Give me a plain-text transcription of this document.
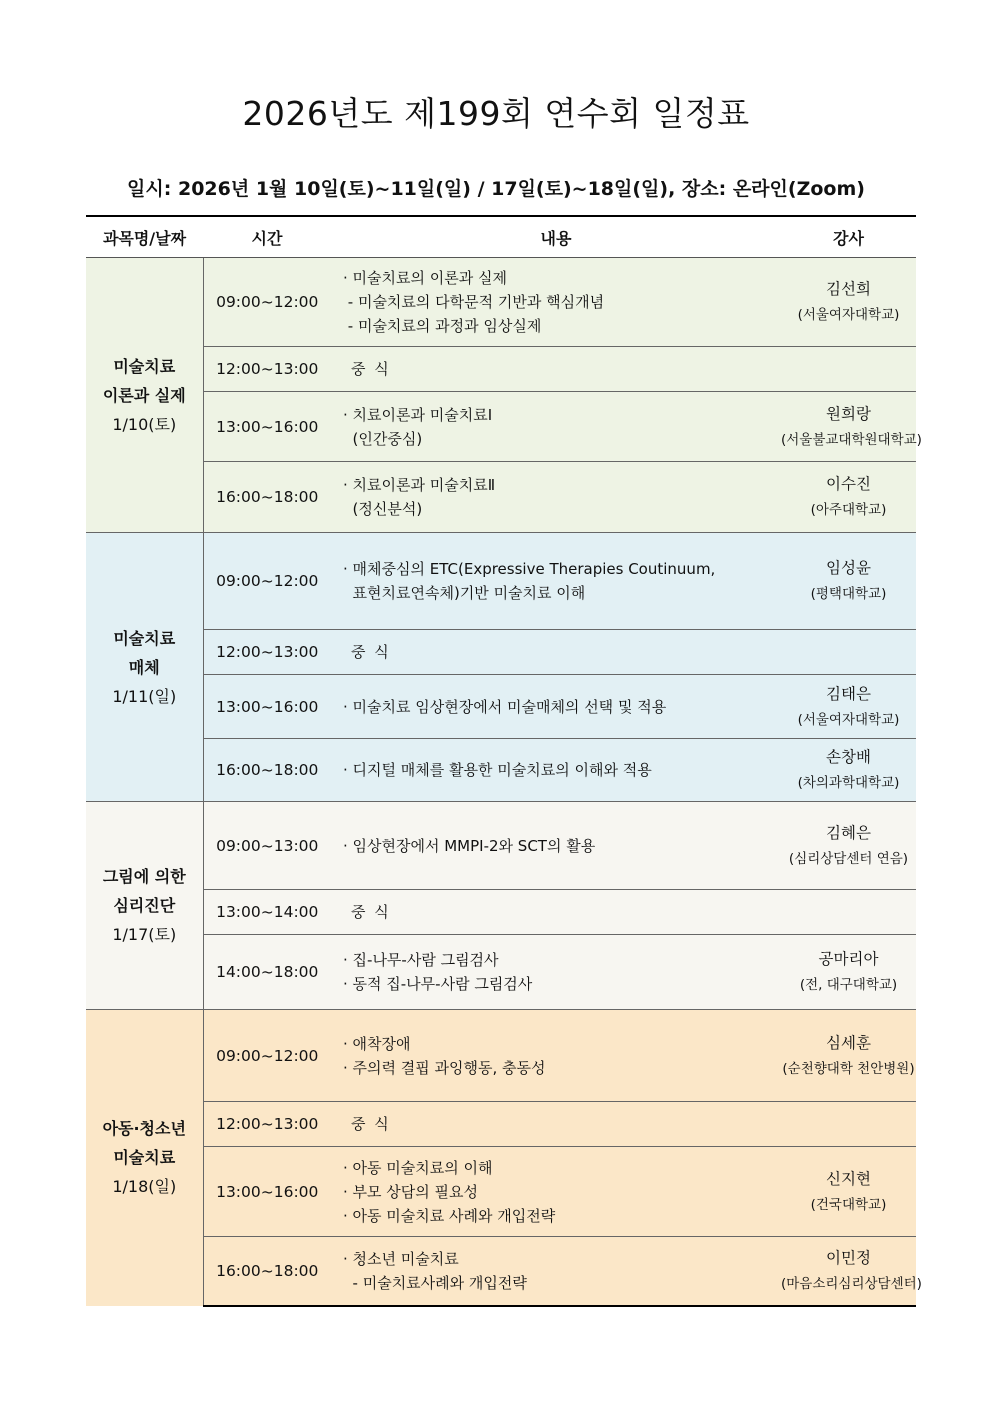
2026년도 제199회 연수회 일정표
일시: 2026년 1월 10일(토)~11일(일) / 17일(토)~18일(일), 장소: 온라인(Zoom)
과목명/날짜	시간	내용	강사

미술치료
이론과 실제
1/10(토)	09:00~12:00	· 미술치료의 이론과 실제
- 미술치료의 다학문적 기반과 핵심개념
- 미술치료의 과정과 임상실제	김선희
(서울여자대학교)

	12:00~13:00	중 식	
	13:00~16:00	· 치료이론과 미술치료Ⅰ
(인간중심)	원희랑
(서울불교대학원대학교)

	16:00~18:00	· 치료이론과 미술치료Ⅱ
(정신분석)	이수진
(아주대학교)

미술치료
매체
1/11(일)	09:00~12:00	· 매체중심의 ETC(Expressive Therapies Coutinuum,
표현치료연속체)기반 미술치료 이해	임성윤
(평택대학교)

	12:00~13:00	중 식	
	13:00~16:00	· 미술치료 임상현장에서 미술매체의 선택 및 적용	김태은
(서울여자대학교)

	16:00~18:00	· 디지털 매체를 활용한 미술치료의 이해와 적용	손창배
(차의과학대학교)

그림에 의한
심리진단
1/17(토)	09:00~13:00	· 임상현장에서 MMPI-2와 SCT의 활용	김혜은
(심리상담센터 연음)

	13:00~14:00	중 식	
	14:00~18:00	· 집-나무-사람 그림검사
· 동적 집-나무-사람 그림검사	공마리아
(전, 대구대학교)

아동·청소년
미술치료
1/18(일)	09:00~12:00	· 애착장애
· 주의력 결핍 과잉행동, 충동성	심세훈
(순천향대학 천안병원)

	12:00~13:00	중 식	
	13:00~16:00	· 아동 미술치료의 이해
· 부모 상담의 필요성
· 아동 미술치료 사례와 개입전략	신지현
(건국대학교)

	16:00~18:00	· 청소년 미술치료
- 미술치료사례와 개입전략	이민정
(마음소리심리상담센터)
